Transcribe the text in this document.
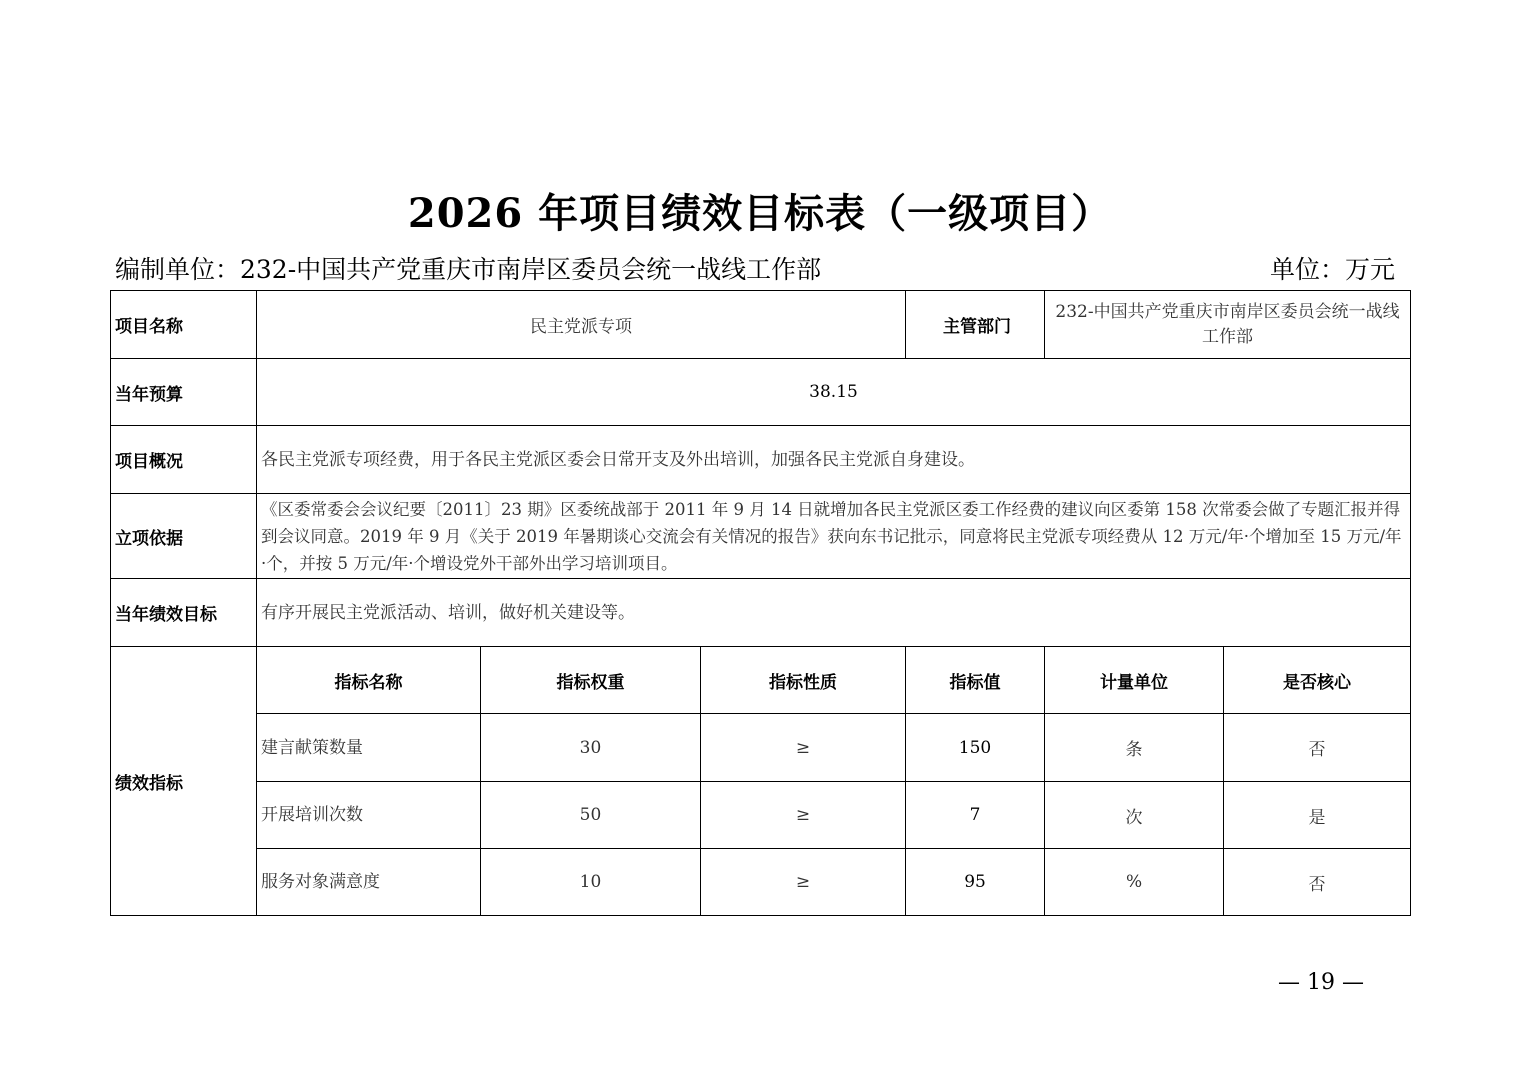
2026 年项目绩效目标表（一级项目）
编制单位：232-中国共产党重庆市南岸区委员会统一战线工作部	单位：万元
项目名称	民主党派专项			主管部门	232-中国共产党重庆市南岸区委员会统一战线工作部	
当年预算	38.15					
项目概况	各民主党派专项经费，用于各民主党派区委会日常开支及外出培训，加强各民主党派自身建设。					
立项依据	《区委常委会会议纪要〔2011〕23 期》区委统战部于 2011 年 9 月 14 日就增加各民主党派区委工作经费的建议向区委第 158 次常委会做了专题汇报并得到会议同意。2019 年 9 月《关于 2019 年暑期谈心交流会有关情况的报告》获向东书记批示，同意将民主党派专项经费从 12 万元/年·个增加至 15 万元/年·个，并按 5 万元/年·个增设党外干部外出学习培训项目。					
当年绩效目标	有序开展民主党派活动、培训，做好机关建设等。					
绩效指标	指标名称	指标权重	指标性质	指标值	计量单位	是否核心
	建言献策数量	30	≥	150	条	否
	开展培训次数	50	≥	7	次	是
	服务对象满意度	10	≥	95	%	否
— 19 —
